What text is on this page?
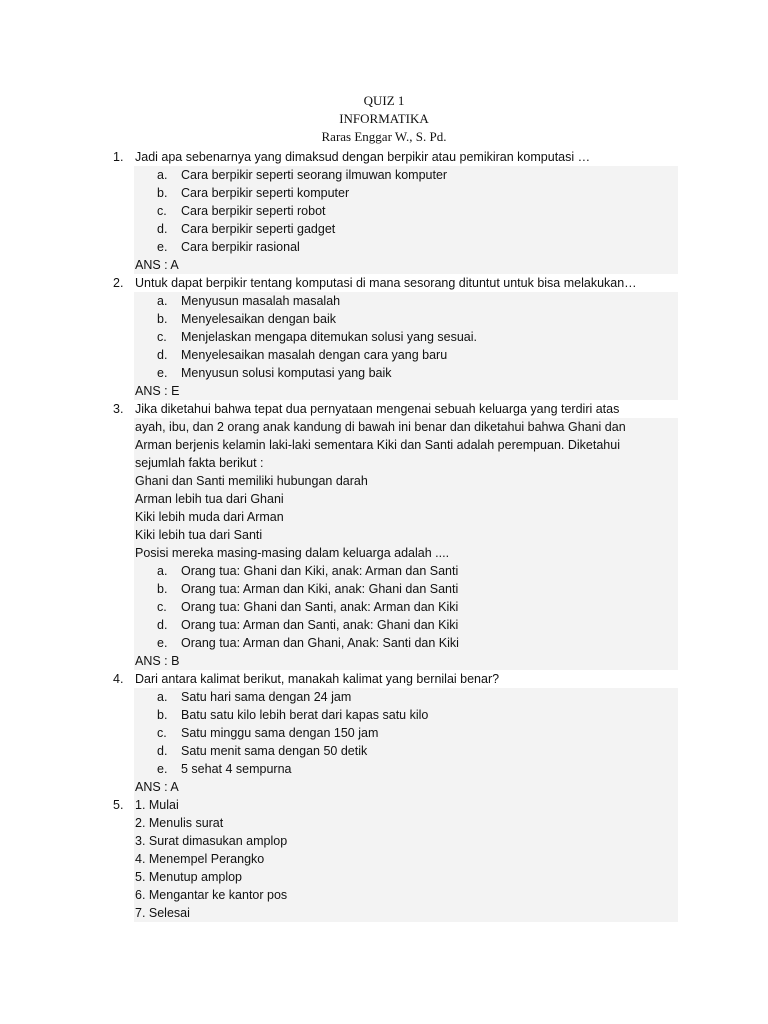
QUIZ 1
INFORMATIKA
Raras Enggar W., S. Pd.
1. Jadi apa sebenarnya yang dimaksud dengan berpikir atau pemikiran komputasi …
a. Cara berpikir seperti seorang ilmuwan komputer
b. Cara berpikir seperti komputer
c. Cara berpikir seperti robot
d. Cara berpikir seperti gadget
e. Cara berpikir rasional
ANS : A
2. Untuk dapat berpikir tentang komputasi di mana sesorang dituntut untuk bisa melakukan…
a. Menyusun masalah masalah
b. Menyelesaikan dengan baik
c. Menjelaskan mengapa ditemukan solusi yang sesuai.
d. Menyelesaikan masalah dengan cara yang baru
e. Menyusun solusi komputasi yang baik
ANS : E
3. Jika diketahui bahwa tepat dua pernyataan mengenai sebuah keluarga yang terdiri atas
ayah, ibu, dan 2 orang anak kandung di bawah ini benar dan diketahui bahwa Ghani dan
Arman berjenis kelamin laki-laki sementara Kiki dan Santi adalah perempuan. Diketahui
sejumlah fakta berikut :
Ghani dan Santi memiliki hubungan darah
Arman lebih tua dari Ghani
Kiki lebih muda dari Arman
Kiki lebih tua dari Santi
Posisi mereka masing-masing dalam keluarga adalah ....
a. Orang tua: Ghani dan Kiki, anak: Arman dan Santi
b. Orang tua: Arman dan Kiki, anak: Ghani dan Santi
c. Orang tua: Ghani dan Santi, anak: Arman dan Kiki
d. Orang tua: Arman dan Santi, anak: Ghani dan Kiki
e. Orang tua: Arman dan Ghani, Anak: Santi dan Kiki
ANS : B
4. Dari antara kalimat berikut, manakah kalimat yang bernilai benar?
a. Satu hari sama dengan 24 jam
b. Batu satu kilo lebih berat dari kapas satu kilo
c. Satu minggu sama dengan 150 jam
d. Satu menit sama dengan 50 detik
e. 5 sehat 4 sempurna
ANS : A
5. 1. Mulai
2. Menulis surat
3. Surat dimasukan amplop
4. Menempel Perangko
5. Menutup amplop
6. Mengantar ke kantor pos
7. Selesai
